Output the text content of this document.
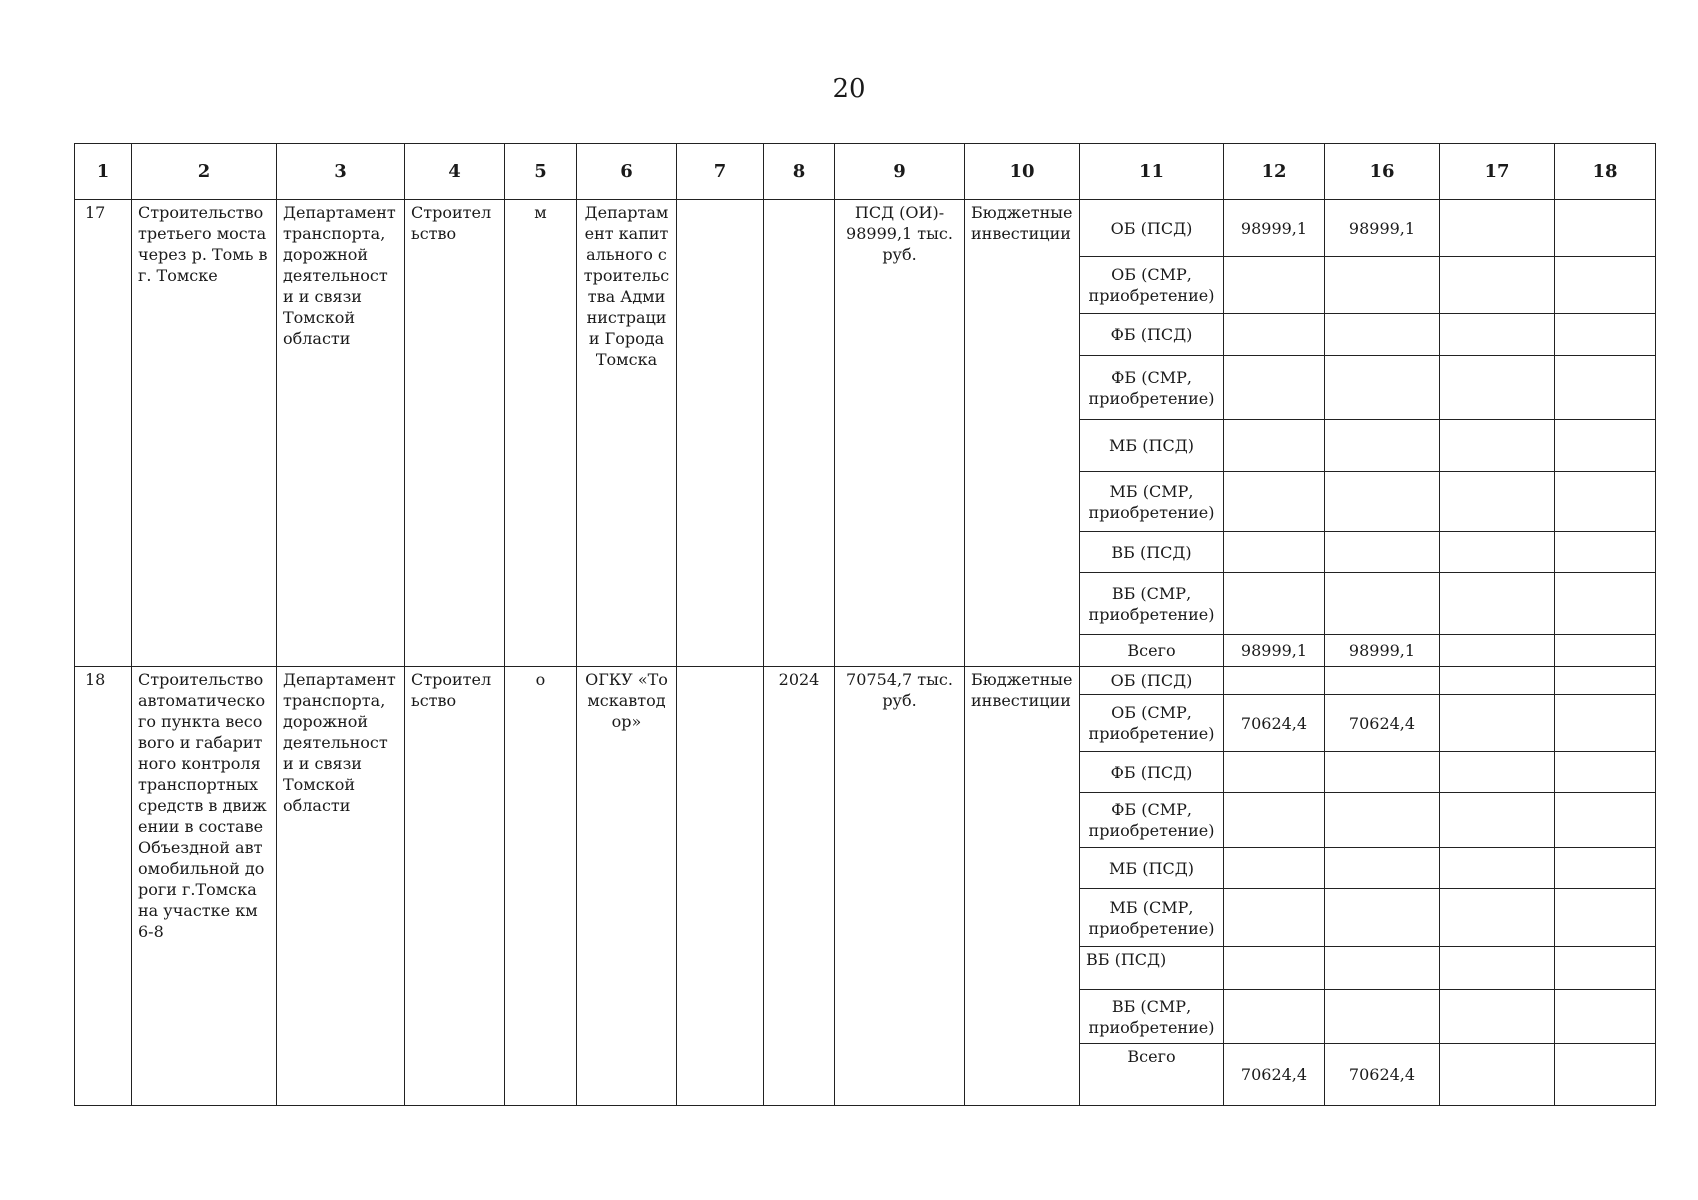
20
1	2	3	4	5	6	7	8	9	10	11	12	16	17	18
17	Строительство третьего моста через р. Томь в г. Томске	Департамент транспорта, дорожной деятельности и связи Томской области	Строительство	м	Департамент капитального строительства Администрации Города Томска			ПСД (ОИ)- 98999,1 тыс. руб.	Бюджетные инвестиции	ОБ (ПСД)	98999,1	98999,1		
										ОБ (СМР, приобретение)				
										ФБ (ПСД)				
										ФБ (СМР, приобретение)				
										МБ (ПСД)				
										МБ (СМР, приобретение)				
										ВБ (ПСД)				
										ВБ (СМР, приобретение)				
										Всего	98999,1	98999,1		
18	Строительство автоматического пункта весового и габаритного контроля транспортных средств в движении в составе Объездной автомобильной дороги г.Томска на участке км 6-8	Департамент транспорта, дорожной деятельности и связи Томской области	Строительство	о	ОГКУ «Томскавтодор»		2024	70754,7 тыс. руб.	Бюджетные инвестиции	ОБ (ПСД)				
										ОБ (СМР, приобретение)	70624,4	70624,4		
										ФБ (ПСД)				
										ФБ (СМР, приобретение)				
										МБ (ПСД)				
										МБ (СМР, приобретение)				
										ВБ (ПСД)				
										ВБ (СМР, приобретение)				
										Всего	70624,4	70624,4		
